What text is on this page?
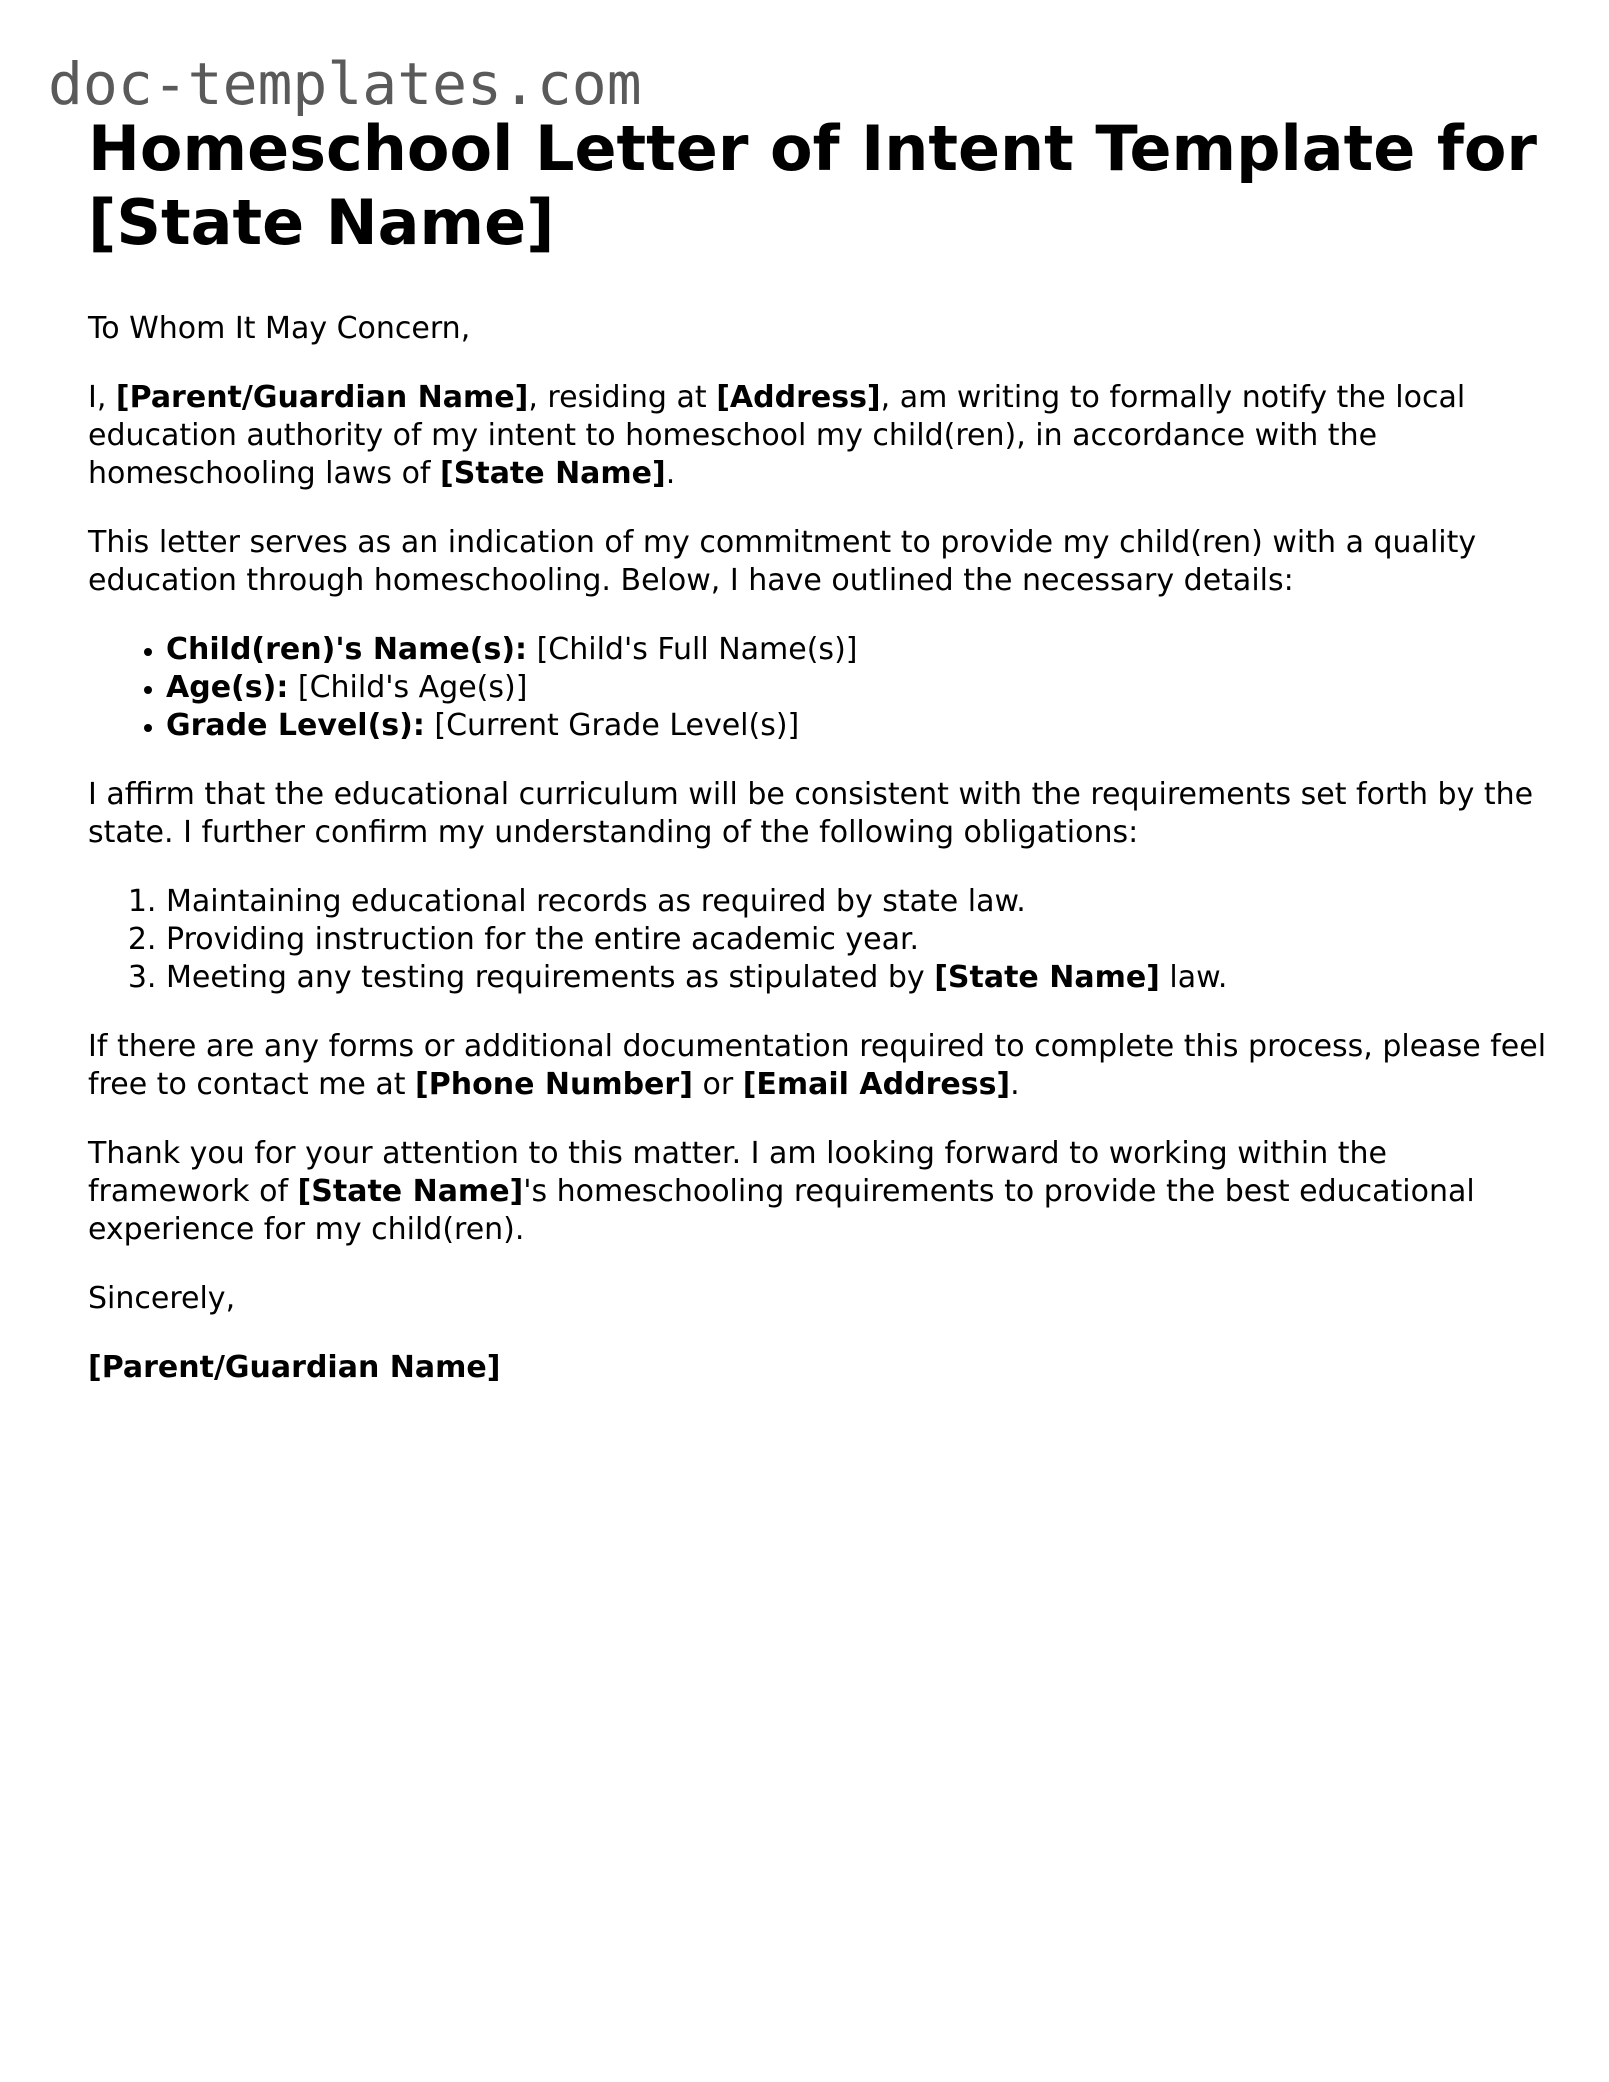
doc-templates.com
Homeschool Letter of Intent Template for [State Name]

To Whom It May Concern,

I, [Parent/Guardian Name], residing at [Address], am writing to formally notify the local education authority of my intent to homeschool my child(ren), in accordance with the homeschooling laws of [State Name].

This letter serves as an indication of my commitment to provide my child(ren) with a quality education through homeschooling. Below, I have outlined the necessary details:

• Child(ren)'s Name(s): [Child's Full Name(s)]
• Age(s): [Child's Age(s)]
• Grade Level(s): [Current Grade Level(s)]

I affirm that the educational curriculum will be consistent with the requirements set forth by the state. I further confirm my understanding of the following obligations:

1. Maintaining educational records as required by state law.
2. Providing instruction for the entire academic year.
3. Meeting any testing requirements as stipulated by [State Name] law.

If there are any forms or additional documentation required to complete this process, please feel free to contact me at [Phone Number] or [Email Address].

Thank you for your attention to this matter. I am looking forward to working within the framework of [State Name]'s homeschooling requirements to provide the best educational experience for my child(ren).

Sincerely,

[Parent/Guardian Name]
